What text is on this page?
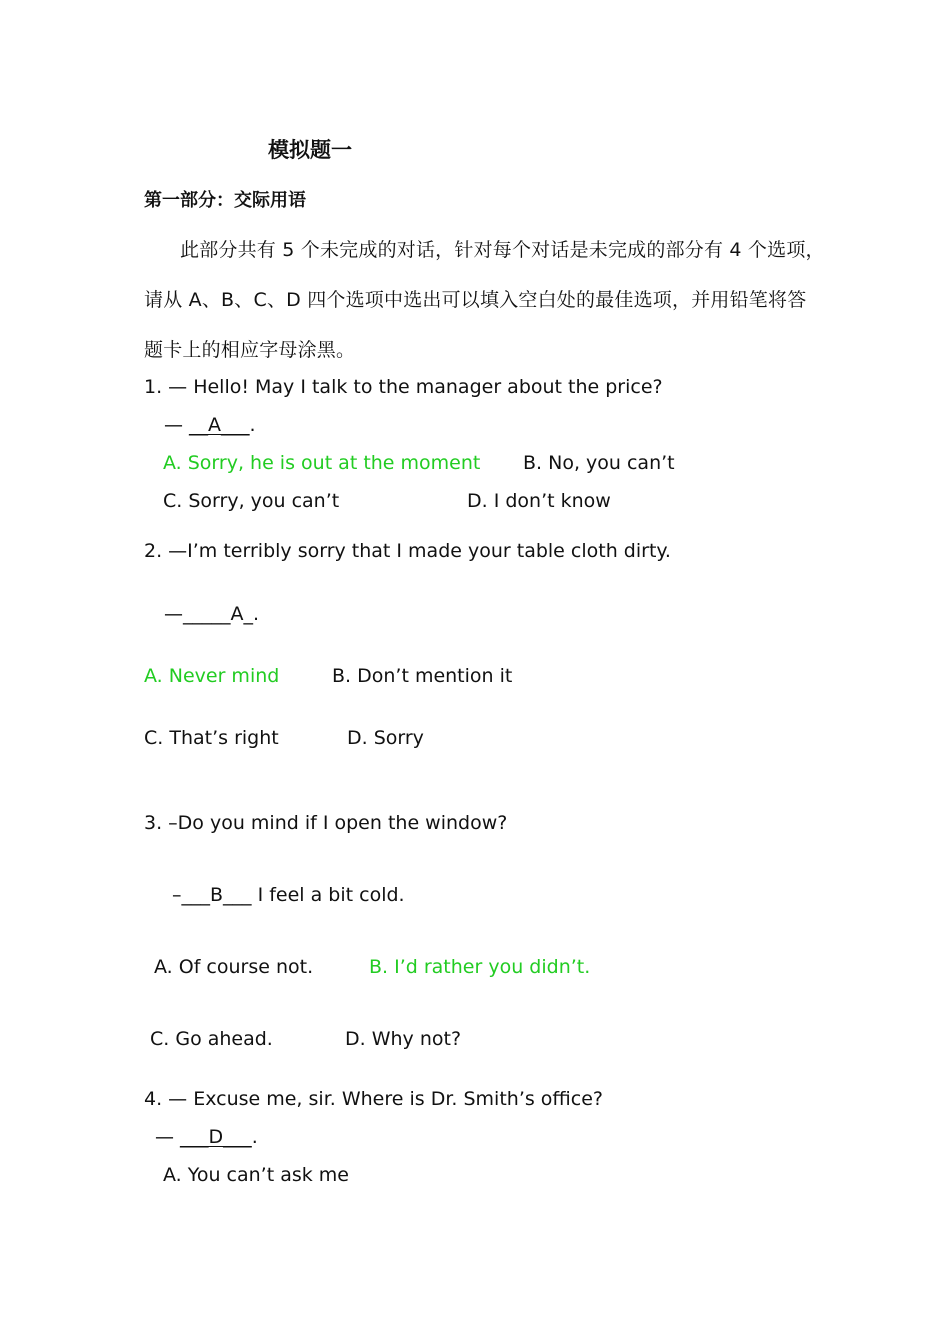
模拟题一
第一部分：交际用语
此部分共有 5 个未完成的对话，针对每个对话是未完成的部分有 4 个选项，
请从 A、B、C、D 四个选项中选出可以填入空白处的最佳选项，并用铅笔将答
题卡上的相应字母涂黑。
1. — Hello! May I talk to the manager about the price?
— __A___.
A. Sorry, he is out at the moment B. No, you can’t
C. Sorry, you can’t	D. I don’t know
2. —I’m terribly sorry that I made your table cloth dirty.
—_____A_.
A. Never mind	B. Don’t mention it
C. That’s right	D. Sorry
3. –Do you mind if I open the window?
–___B___ I feel a bit cold.
A. Of course not.	B. I’d rather you didn’t.
C. Go ahead.	D. Why not?
4. — Excuse me, sir. Where is Dr. Smith’s office?
— ___D___.
A. You can’t ask me
